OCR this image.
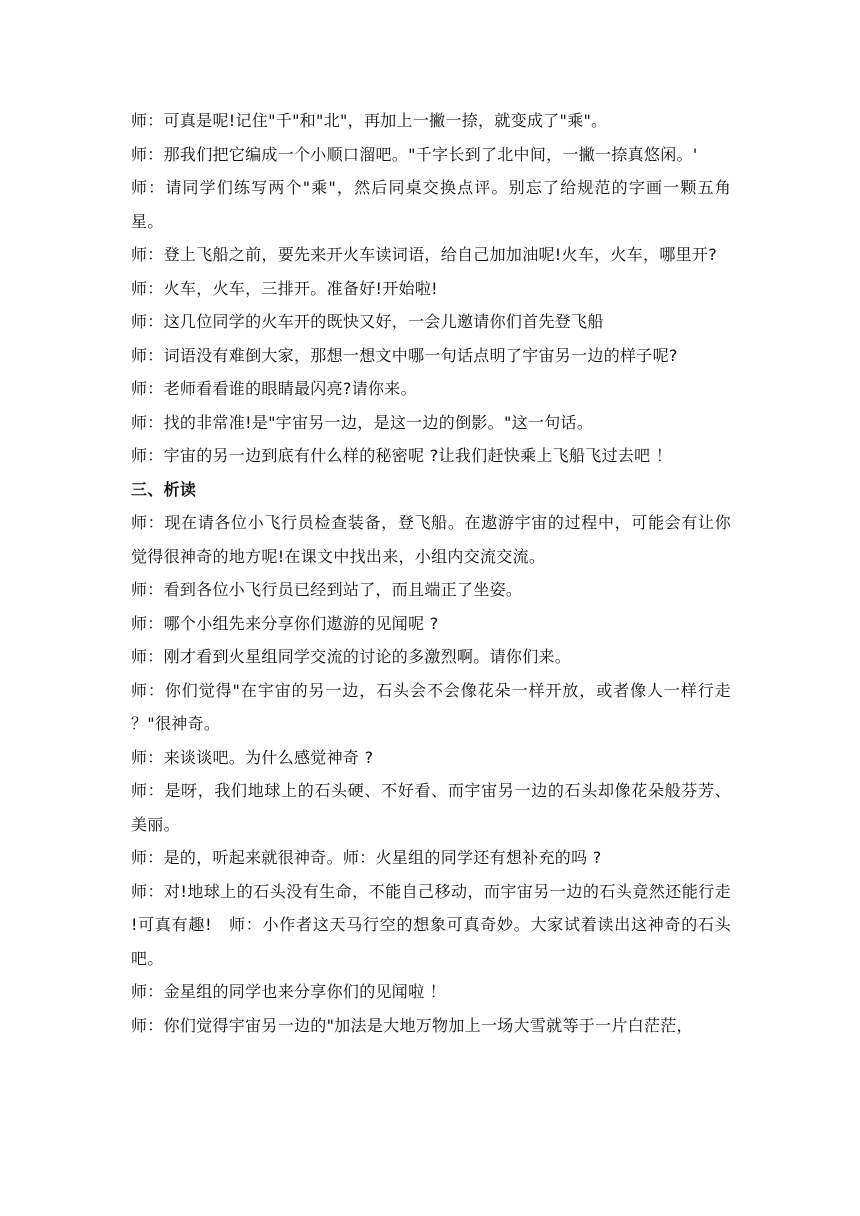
师：可真是呢!记住"千"和"北"，再加上一撇一捺，就变成了"乘"。

师：那我们把它编成一个小顺口溜吧。"千字长到了北中间，一撇一捺真悠闲。'

师：请同学们练写两个"乘"，然后同桌交换点评。别忘了给规范的字画一颗五角星。

师：登上飞船之前，要先来开火车读词语，给自己加加油呢!火车，火车，哪里开?

师：火车，火车，三排开。准备好!开始啦!

师：这几位同学的火车开的既快又好，一会儿邀请你们首先登飞船

师：词语没有难倒大家，那想一想文中哪一句话点明了宇宙另一边的样子呢?

师：老师看看谁的眼睛最闪亮?请你来。

师：找的非常准!是"宇宙另一边，是这一边的倒影。"这一句话。

师：宇宙的另一边到底有什么样的秘密呢 ?让我们赶快乘上飞船飞过去吧 ！

三、析读

师：现在请各位小飞行员检查装备，登飞船。在遨游宇宙的过程中，可能会有让你觉得很神奇的地方呢!在课文中找出来，小组内交流交流。

师：看到各位小飞行员已经到站了，而且端正了坐姿。

师：哪个小组先来分享你们遨游的见闻呢 ?

师：刚才看到火星组同学交流的讨论的多激烈啊。请你们来。

师：你们觉得"在宇宙的另一边，石头会不会像花朵一样开放，或者像人一样行走 ？"很神奇。

师：来谈谈吧。为什么感觉神奇 ?

师：是呀，我们地球上的石头硬、不好看、而宇宙另一边的石头却像花朵般芬芳、美丽。

师：是的，听起来就很神奇。师：火星组的同学还有想补充的吗 ?

师：对!地球上的石头没有生命，不能自己移动，而宇宙另一边的石头竟然还能行走 !可真有趣!　师：小作者这天马行空的想象可真奇妙。大家试着读出这神奇的石头吧。

师：金星组的同学也来分享你们的见闻啦 ！

师：你们觉得宇宙另一边的"加法是大地万物加上一场大雪就等于一片白茫茫，
